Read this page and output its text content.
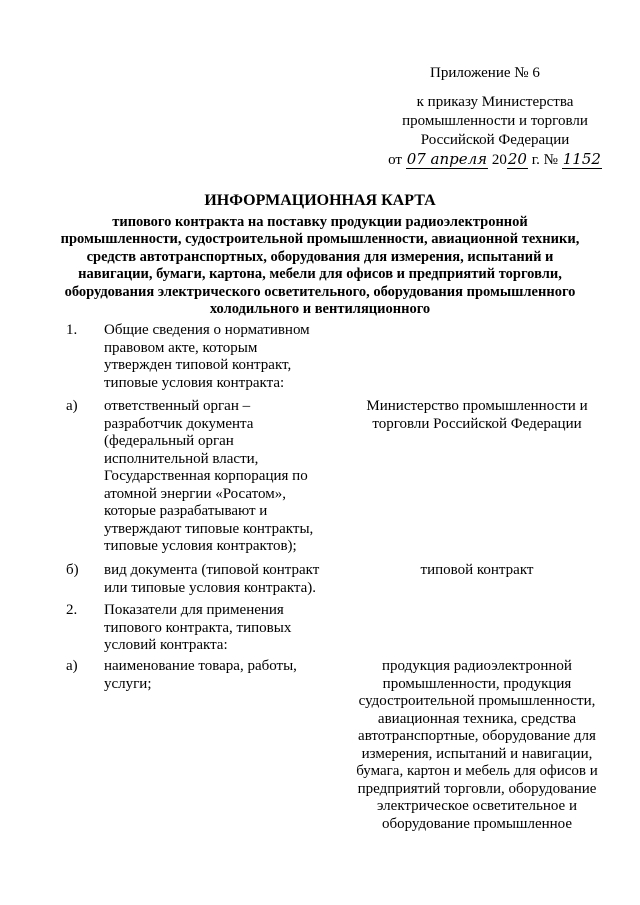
Приложение № 6
к приказу Министерства
промышленности и торговли
Российской Федерации
от 07 апреля 2020 г. № 1152
ИНФОРМАЦИОННАЯ КАРТА
типового контракта на поставку продукции радиоэлектронной
промышленности, судостроительной промышленности, авиационной техники,
средств автотранспортных, оборудования для измерения, испытаний и
навигации, бумаги, картона, мебели для офисов и предприятий торговли,
оборудования электрического осветительного, оборудования промышленного
холодильного и вентиляционного
1. Общие сведения о нормативном
правовом акте, которым
утвержден типовой контракт,
типовые условия контракта:
а) ответственный орган –
разработчик документа
(федеральный орган
исполнительной власти,
Государственная корпорация по
атомной энергии «Росатом»,
которые разрабатывают и
утверждают типовые контракты,
типовые условия контрактов);
Министерство промышленности и
торговли Российской Федерации
б) вид документа (типовой контракт
или типовые условия контракта).
типовой контракт
2. Показатели для применения
типового контракта, типовых
условий контракта:
а) наименование товара, работы,
услуги;
продукция радиоэлектронной
промышленности, продукция
судостроительной промышленности,
авиационная техника, средства
автотранспортные, оборудование для
измерения, испытаний и навигации,
бумага, картон и мебель для офисов и
предприятий торговли, оборудование
электрическое осветительное и
оборудование промышленное
